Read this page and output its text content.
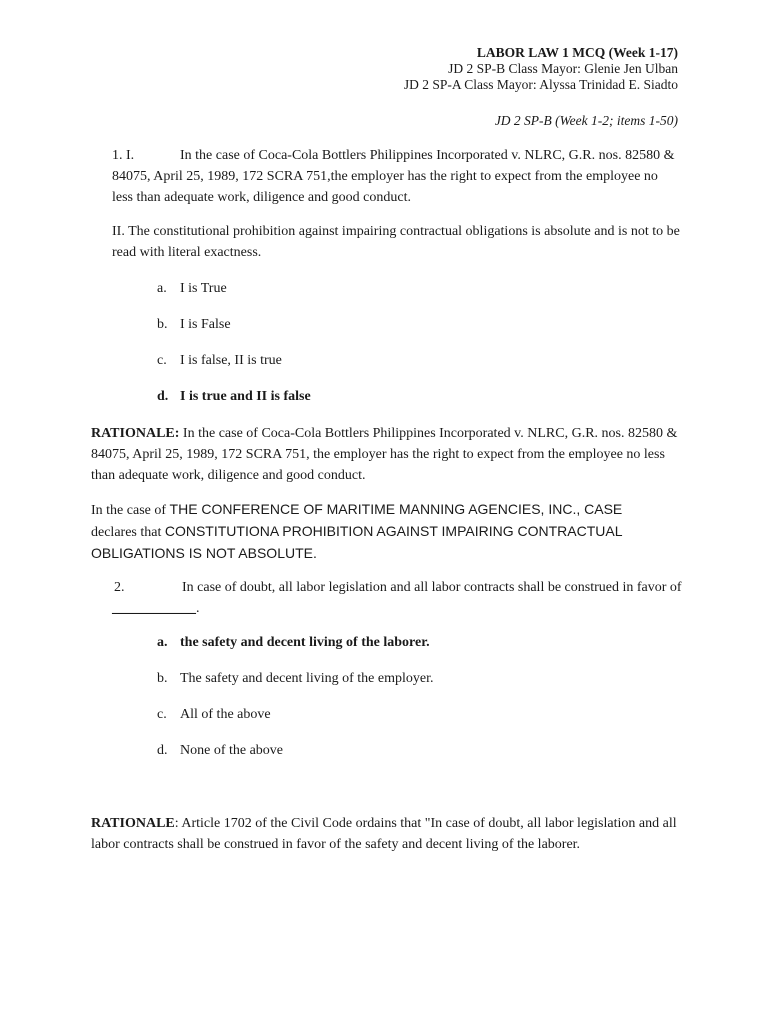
LABOR LAW 1 MCQ (Week 1-17)
JD 2 SP-B Class Mayor: Glenie Jen Ulban
JD 2 SP-A Class Mayor: Alyssa Trinidad E. Siadto
JD 2 SP-B (Week 1-2; items 1-50)
1. I.	In the case of Coca-Cola Bottlers Philippines Incorporated v. NLRC, G.R. nos. 82580 & 84075, April 25, 1989, 172 SCRA 751,the employer has the right to expect from the employee no less than adequate work, diligence and good conduct.
II. The constitutional prohibition against impairing contractual obligations is absolute and is not to be read with literal exactness.
a. I is True
b. I is False
c. I is false, II is true
d. I is true and II is false
RATIONALE: In the case of Coca-Cola Bottlers Philippines Incorporated v. NLRC, G.R. nos. 82580 & 84075, April 25, 1989, 172 SCRA 751, the employer has the right to expect from the employee no less than adequate work, diligence and good conduct.
In the case of THE CONFERENCE OF MARITIME MANNING AGENCIES, INC., CASE
declares that CONSTITUTIONA PROHIBITION AGAINST IMPAIRING CONTRACTUAL OBLIGATIONS IS NOT ABSOLUTE.
2.	In case of doubt, all labor legislation and all labor contracts shall be construed in favor of ____________.
a. the safety and decent living of the laborer.
b. The safety and decent living of the employer.
c. All of the above
d. None of the above
RATIONALE: Article 1702 of the Civil Code ordains that "In case of doubt, all labor legislation and all labor contracts shall be construed in favor of the safety and decent living of the laborer.
